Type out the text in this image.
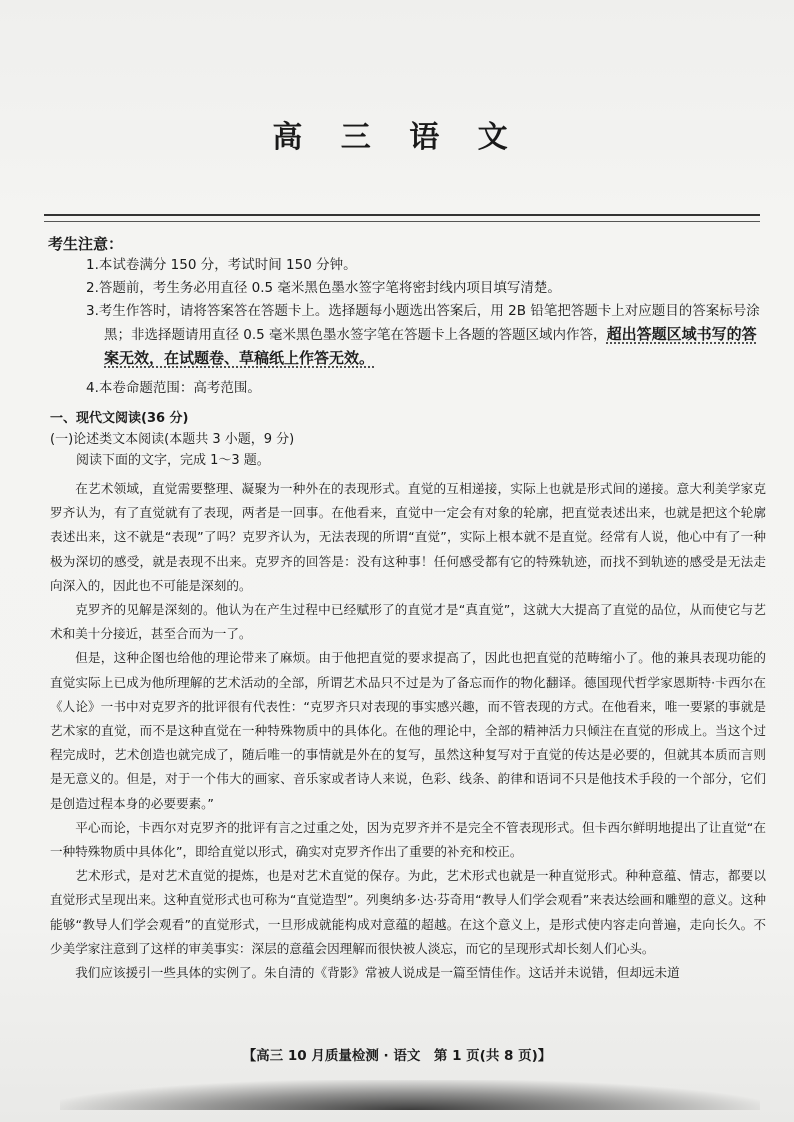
高 三 语 文
考生注意：

1.本试卷满分 150 分，考试时间 150 分钟。

2.答题前，考生务必用直径 0.5 毫米黑色墨水签字笔将密封线内项目填写清楚。

3.考生作答时，请将答案答在答题卡上。选择题每小题选出答案后，用 2B 铅笔把答题卡上对应题目的答案标号涂黑；非选择题请用直径 0.5 毫米黑色墨水签字笔在答题卡上各题的答题区域内作答，超出答题区域书写的答案无效，在试题卷、草稿纸上作答无效。

4.本卷命题范围：高考范围。

一、现代文阅读(36 分)
(一)论述类文本阅读(本题共 3 小题，9 分)
阅读下面的文字，完成 1～3 题。

在艺术领域，直觉需要整理、凝聚为一种外在的表现形式。直觉的互相递接，实际上也就是形式间的递接。意大利美学家克罗齐认为，有了直觉就有了表现，两者是一回事。在他看来，直觉中一定会有对象的轮廓，把直觉表述出来，也就是把这个轮廓表述出来，这不就是“表现”了吗？克罗齐认为，无法表现的所谓“直觉”，实际上根本就不是直觉。经常有人说，他心中有了一种极为深切的感受，就是表现不出来。克罗齐的回答是：没有这种事！任何感受都有它的特殊轨迹，而找不到轨迹的感受是无法走向深入的，因此也不可能是深刻的。

克罗齐的见解是深刻的。他认为在产生过程中已经赋形了的直觉才是“真直觉”，这就大大提高了直觉的品位，从而使它与艺术和美十分接近，甚至合而为一了。

但是，这种企图也给他的理论带来了麻烦。由于他把直觉的要求提高了，因此也把直觉的范畴缩小了。他的兼具表现功能的直觉实际上已成为他所理解的艺术活动的全部，所谓艺术品只不过是为了备忘而作的物化翻译。德国现代哲学家恩斯特·卡西尔在《人论》一书中对克罗齐的批评很有代表性：“克罗齐只对表现的事实感兴趣，而不管表现的方式。在他看来，唯一要紧的事就是艺术家的直觉，而不是这种直觉在一种特殊物质中的具体化。在他的理论中，全部的精神活力只倾注在直觉的形成上。当这个过程完成时，艺术创造也就完成了，随后唯一的事情就是外在的复写，虽然这种复写对于直觉的传达是必要的，但就其本质而言则是无意义的。但是，对于一个伟大的画家、音乐家或者诗人来说，色彩、线条、韵律和语词不只是他技术手段的一个部分，它们是创造过程本身的必要要素。”

平心而论，卡西尔对克罗齐的批评有言之过重之处，因为克罗齐并不是完全不管表现形式。但卡西尔鲜明地提出了让直觉“在一种特殊物质中具体化”，即给直觉以形式，确实对克罗齐作出了重要的补充和校正。

艺术形式，是对艺术直觉的提炼，也是对艺术直觉的保存。为此，艺术形式也就是一种直觉形式。种种意蕴、情志，都要以直觉形式呈现出来。这种直觉形式也可称为“直觉造型”。列奥纳多·达·芬奇用“教导人们学会观看”来表达绘画和雕塑的意义。这种能够“教导人们学会观看”的直觉形式，一旦形成就能构成对意蕴的超越。在这个意义上，是形式使内容走向普遍，走向长久。不少美学家注意到了这样的审美事实：深层的意蕴会因理解而很快被人淡忘，而它的呈现形式却长刻人们心头。

我们应该援引一些具体的实例了。朱自清的《背影》常被人说成是一篇至情佳作。这话并未说错，但却远未道

【高三 10 月质量检测 · 语文　第 1 页(共 8 页)】
